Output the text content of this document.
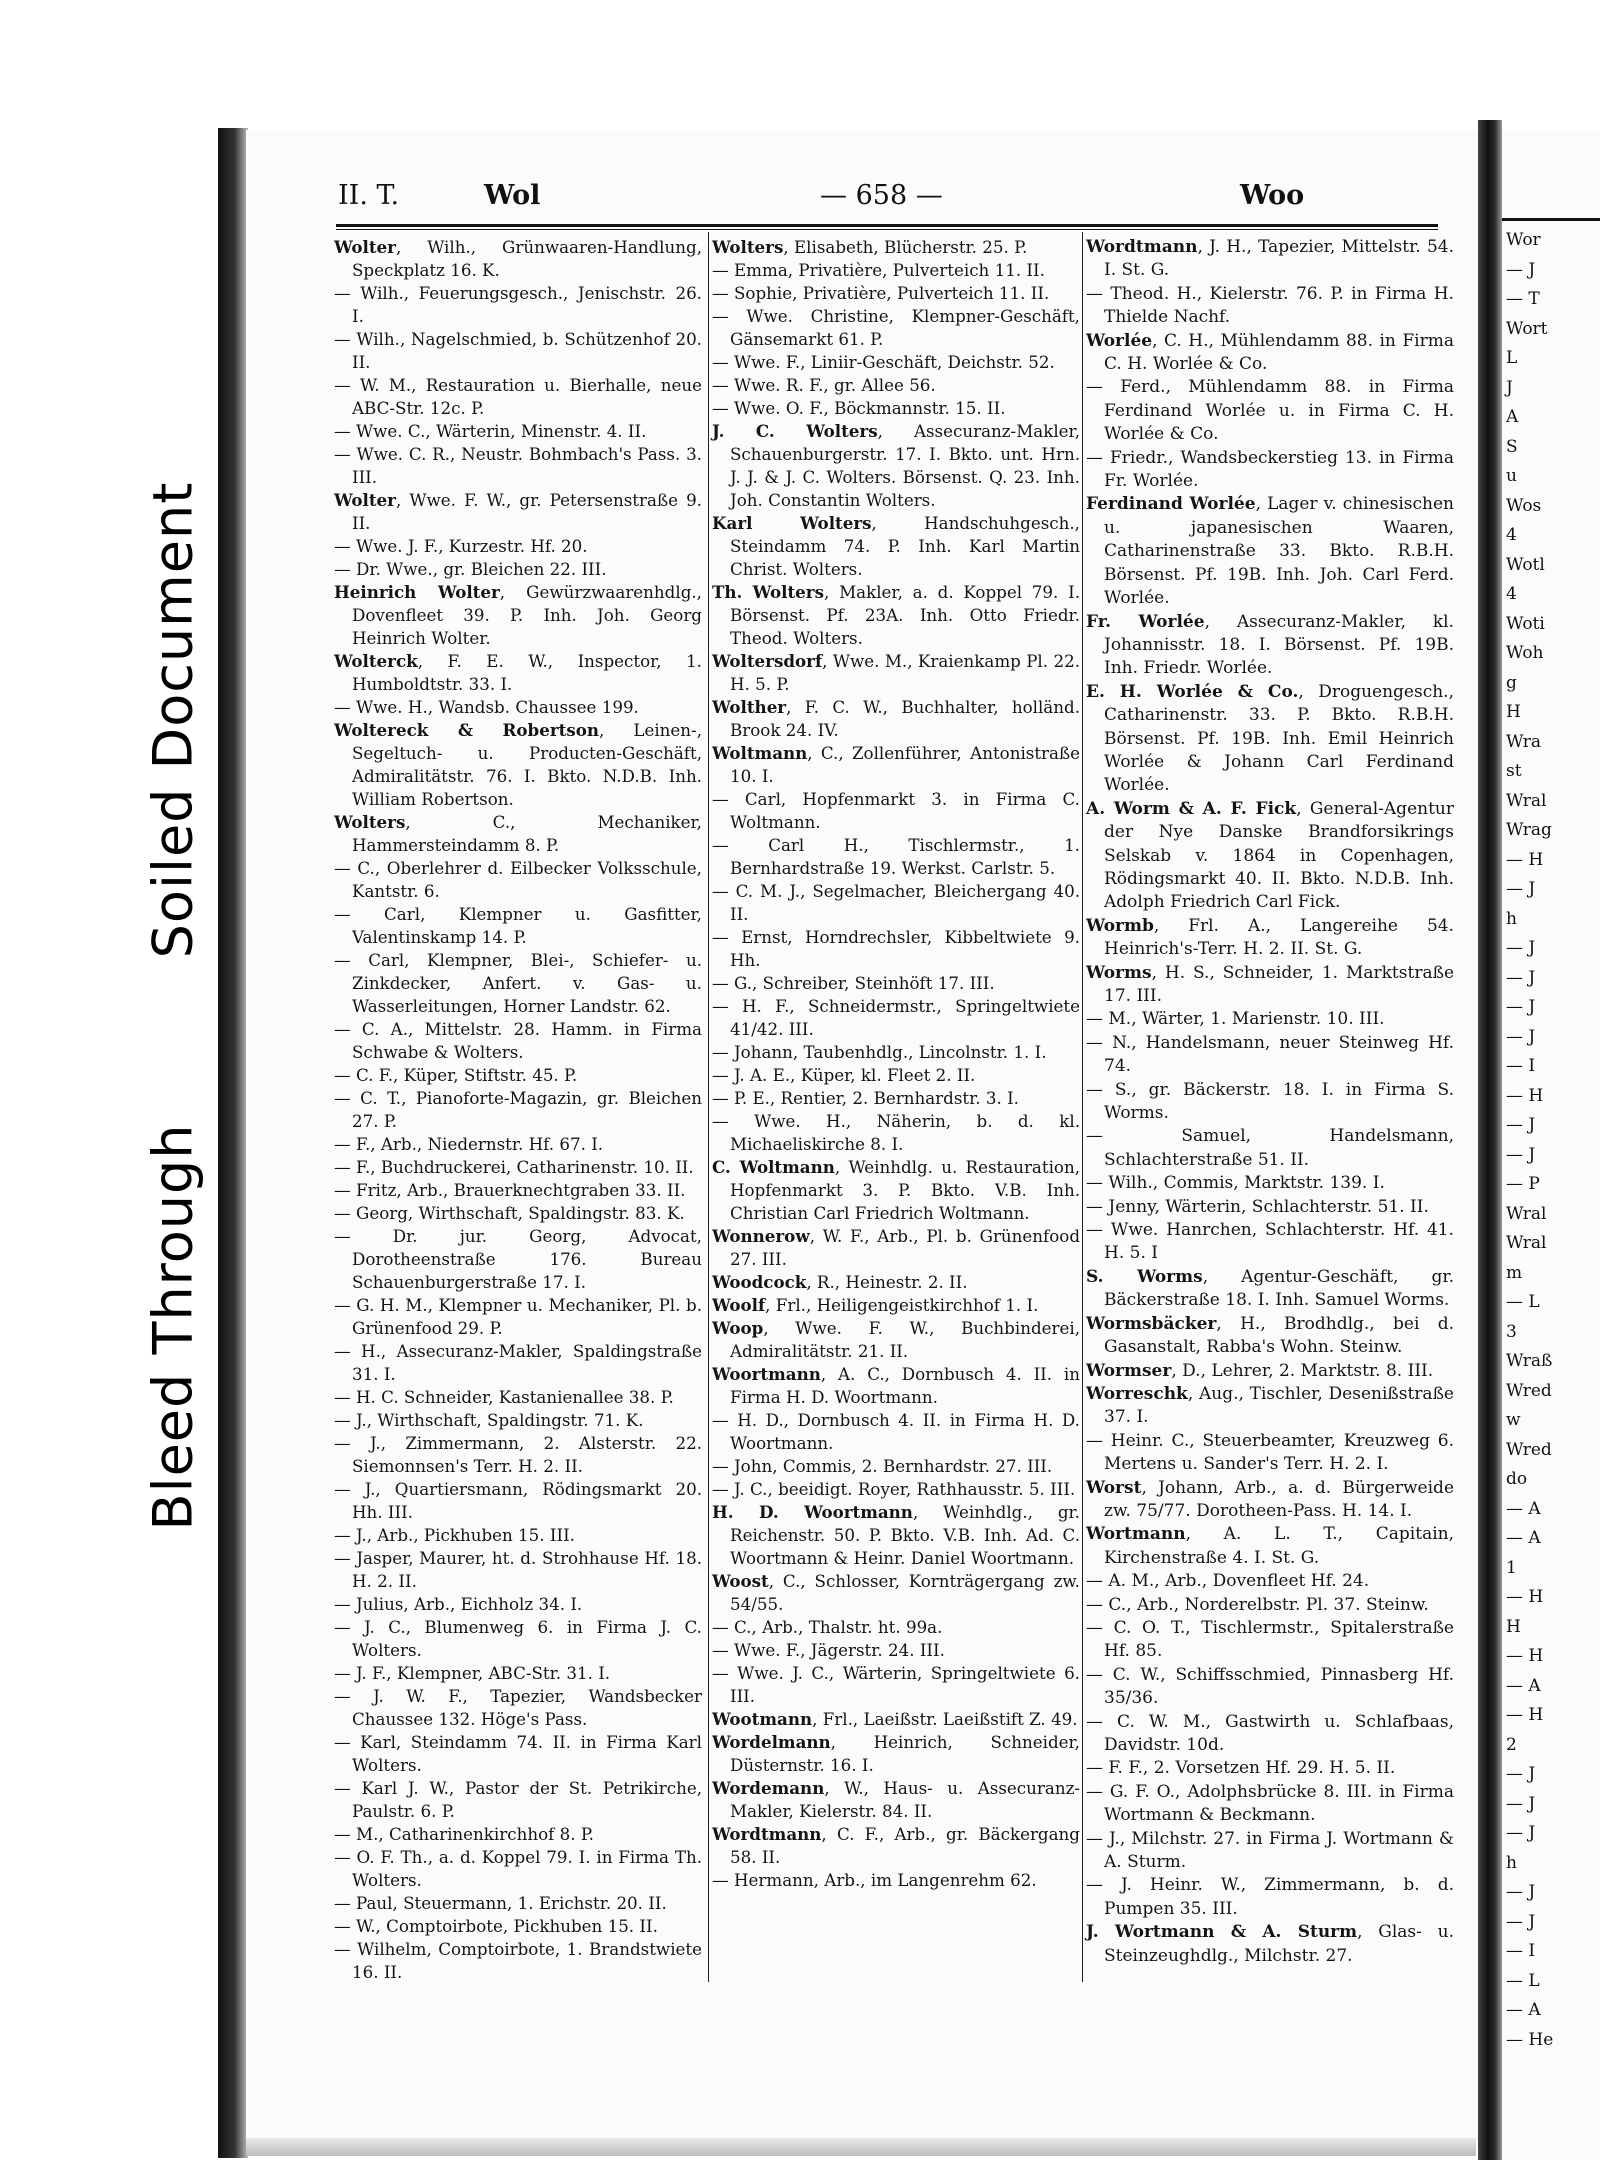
Wor
— J
— T
Wort
L
J
A
S
u
Wos
4
Wotl
4
Woti
Woh
g
H
Wra
st
Wral
Wrag
— H
— J
h
— J
— J
— J
— J
— I
— H
— J
— J
— P
Wral
Wral
m
— L
3
Wraß
Wred
w
Wred
do
— A
— A
1
— H
H
— H
— A
— H
2
— J
— J
— J
h
— J
— J
— I
— L
— A
— He
Soiled Document
Bleed Through
II. T.	Wol	— 658 —	Woo

Wolter, Wilh., Grünwaaren-Handlung, Speckplatz 16. K.

— Wilh., Feuerungsgesch., Jenischstr. 26. I.

— Wilh., Nagelschmied, b. Schützenhof 20. II.

— W. M., Restauration u. Bierhalle, neue ABC-Str. 12c. P.

— Wwe. C., Wärterin, Minenstr. 4. II.

— Wwe. C. R., Neustr. Bohmbach's Pass. 3. III.

Wolter, Wwe. F. W., gr. Petersenstraße 9. II.

— Wwe. J. F., Kurzestr. Hf. 20.

— Dr. Wwe., gr. Bleichen 22. III.

Heinrich Wolter, Gewürzwaarenhdlg., Dovenfleet 39. P. Inh. Joh. Georg Heinrich Wolter.

Wolterck, F. E. W., Inspector, 1. Humboldtstr. 33. I.

— Wwe. H., Wandsb. Chaussee 199.

Woltereck & Robertson, Leinen-, Segeltuch- u. Producten-Geschäft, Admiralitätstr. 76. I. Bkto. N.D.B. Inh. William Robertson.

Wolters, C., Mechaniker, Hammersteindamm 8. P.

— C., Oberlehrer d. Eilbecker Volksschule, Kantstr. 6.

— Carl, Klempner u. Gasfitter, Valentinskamp 14. P.

— Carl, Klempner, Blei-, Schiefer- u. Zinkdecker, Anfert. v. Gas- u. Wasserleitungen, Horner Landstr. 62.

— C. A., Mittelstr. 28. Hamm. in Firma Schwabe & Wolters.

— C. F., Küper, Stiftstr. 45. P.

— C. T., Pianoforte-Magazin, gr. Bleichen 27. P.

— F., Arb., Niedernstr. Hf. 67. I.

— F., Buchdruckerei, Catharinenstr. 10. II.

— Fritz, Arb., Brauerknechtgraben 33. II.

— Georg, Wirthschaft, Spaldingstr. 83. K.

— Dr. jur. Georg, Advocat, Dorotheenstraße 176. Bureau Schauenburgerstraße 17. I.

— G. H. M., Klempner u. Mechaniker, Pl. b. Grünenfood 29. P.

— H., Assecuranz-Makler, Spaldingstraße 31. I.

— H. C. Schneider, Kastanienallee 38. P.

— J., Wirthschaft, Spaldingstr. 71. K.

— J., Zimmermann, 2. Alsterstr. 22. Siemonnsen's Terr. H. 2. II.

— J., Quartiersmann, Rödingsmarkt 20. Hh. III.

— J., Arb., Pickhuben 15. III.

— Jasper, Maurer, ht. d. Strohhause Hf. 18. H. 2. II.

— Julius, Arb., Eichholz 34. I.

— J. C., Blumenweg 6. in Firma J. C. Wolters.

— J. F., Klempner, ABC-Str. 31. I.

— J. W. F., Tapezier, Wandsbecker Chaussee 132. Höge's Pass.

— Karl, Steindamm 74. II. in Firma Karl Wolters.

— Karl J. W., Pastor der St. Petrikirche, Paulstr. 6. P.

— M., Catharinenkirchhof 8. P.

— O. F. Th., a. d. Koppel 79. I. in Firma Th. Wolters.

— Paul, Steuermann, 1. Erichstr. 20. II.

— W., Comptoirbote, Pickhuben 15. II.

— Wilhelm, Comptoirbote, 1. Brandstwiete 16. II.

Wolters, Elisabeth, Blücherstr. 25. P.

— Emma, Privatière, Pulverteich 11. II.

— Sophie, Privatière, Pulverteich 11. II.

— Wwe. Christine, Klempner-Geschäft, Gänsemarkt 61. P.

— Wwe. F., Liniir-Geschäft, Deichstr. 52.

— Wwe. R. F., gr. Allee 56.

— Wwe. O. F., Böckmannstr. 15. II.

J. C. Wolters, Assecuranz-Makler, Schauenburgerstr. 17. I. Bkto. unt. Hrn. J. J. & J. C. Wolters. Börsenst. Q. 23. Inh. Joh. Constantin Wolters.

Karl Wolters, Handschuhgesch., Steindamm 74. P. Inh. Karl Martin Christ. Wolters.

Th. Wolters, Makler, a. d. Koppel 79. I. Börsenst. Pf. 23A. Inh. Otto Friedr. Theod. Wolters.

Woltersdorf, Wwe. M., Kraienkamp Pl. 22. H. 5. P.

Wolther, F. C. W., Buchhalter, holländ. Brook 24. IV.

Woltmann, C., Zollenführer, Antonistraße 10. I.

— Carl, Hopfenmarkt 3. in Firma C. Woltmann.

— Carl H., Tischlermstr., 1. Bernhardstraße 19. Werkst. Carlstr. 5.

— C. M. J., Segelmacher, Bleichergang 40. II.

— Ernst, Horndrechsler, Kibbeltwiete 9. Hh.

— G., Schreiber, Steinhöft 17. III.

— H. F., Schneidermstr., Springeltwiete 41/42. III.

— Johann, Taubenhdlg., Lincolnstr. 1. I.

— J. A. E., Küper, kl. Fleet 2. II.

— P. E., Rentier, 2. Bernhardstr. 3. I.

— Wwe. H., Näherin, b. d. kl. Michaeliskirche 8. I.

C. Woltmann, Weinhdlg. u. Restauration, Hopfenmarkt 3. P. Bkto. V.B. Inh. Christian Carl Friedrich Woltmann.

Wonnerow, W. F., Arb., Pl. b. Grünenfood 27. III.

Woodcock, R., Heinestr. 2. II.

Woolf, Frl., Heiligengeistkirchhof 1. I.

Woop, Wwe. F. W., Buchbinderei, Admiralitätstr. 21. II.

Woortmann, A. C., Dornbusch 4. II. in Firma H. D. Woortmann.

— H. D., Dornbusch 4. II. in Firma H. D. Woortmann.

— John, Commis, 2. Bernhardstr. 27. III.

— J. C., beeidigt. Royer, Rathhausstr. 5. III.

H. D. Woortmann, Weinhdlg., gr. Reichenstr. 50. P. Bkto. V.B. Inh. Ad. C. Woortmann & Heinr. Daniel Woortmann.

Woost, C., Schlosser, Kornträgergang zw. 54/55.

— C., Arb., Thalstr. ht. 99a.

— Wwe. F., Jägerstr. 24. III.

— Wwe. J. C., Wärterin, Springeltwiete 6. III.

Wootmann, Frl., Laeißstr. Laeißstift Z. 49.

Wordelmann, Heinrich, Schneider, Düsternstr. 16. I.

Wordemann, W., Haus- u. Assecuranz-Makler, Kielerstr. 84. II.

Wordtmann, C. F., Arb., gr. Bäckergang 58. II.

— Hermann, Arb., im Langenrehm 62.

Wordtmann, J. H., Tapezier, Mittelstr. 54. I. St. G.

— Theod. H., Kielerstr. 76. P. in Firma H. Thielde Nachf.

Worlée, C. H., Mühlendamm 88. in Firma C. H. Worlée & Co.

— Ferd., Mühlendamm 88. in Firma Ferdinand Worlée u. in Firma C. H. Worlée & Co.

— Friedr., Wandsbeckerstieg 13. in Firma Fr. Worlée.

Ferdinand Worlée, Lager v. chinesischen u. japanesischen Waaren, Catharinenstraße 33. Bkto. R.B.H. Börsenst. Pf. 19B. Inh. Joh. Carl Ferd. Worlée.

Fr. Worlée, Assecuranz-Makler, kl. Johannisstr. 18. I. Börsenst. Pf. 19B. Inh. Friedr. Worlée.

E. H. Worlée & Co., Droguengesch., Catharinenstr. 33. P. Bkto. R.B.H. Börsenst. Pf. 19B. Inh. Emil Heinrich Worlée & Johann Carl Ferdinand Worlée.

A. Worm & A. F. Fick, General-Agentur der Nye Danske Brandforsikrings Selskab v. 1864 in Copenhagen, Rödingsmarkt 40. II. Bkto. N.D.B. Inh. Adolph Friedrich Carl Fick.

Wormb, Frl. A., Langereihe 54. Heinrich's-Terr. H. 2. II. St. G.

Worms, H. S., Schneider, 1. Marktstraße 17. III.

— M., Wärter, 1. Marienstr. 10. III.

— N., Handelsmann, neuer Steinweg Hf. 74.

— S., gr. Bäckerstr. 18. I. in Firma S. Worms.

— Samuel, Handelsmann, Schlachterstraße 51. II.

— Wilh., Commis, Marktstr. 139. I.

— Jenny, Wärterin, Schlachterstr. 51. II.

— Wwe. Hanrchen, Schlachterstr. Hf. 41. H. 5. I

S. Worms, Agentur-Geschäft, gr. Bäckerstraße 18. I. Inh. Samuel Worms.

Wormsbäcker, H., Brodhdlg., bei d. Gasanstalt, Rabba's Wohn. Steinw.

Wormser, D., Lehrer, 2. Marktstr. 8. III.

Worreschk, Aug., Tischler, Desenißstraße 37. I.

— Heinr. C., Steuerbeamter, Kreuzweg 6. Mertens u. Sander's Terr. H. 2. I.

Worst, Johann, Arb., a. d. Bürgerweide zw. 75/77. Dorotheen-Pass. H. 14. I.

Wortmann, A. L. T., Capitain, Kirchenstraße 4. I. St. G.

— A. M., Arb., Dovenfleet Hf. 24.

— C., Arb., Norderelbstr. Pl. 37. Steinw.

— C. O. T., Tischlermstr., Spitalerstraße Hf. 85.

— C. W., Schiffsschmied, Pinnasberg Hf. 35/36.

— C. W. M., Gastwirth u. Schlafbaas, Davidstr. 10d.

— F. F., 2. Vorsetzen Hf. 29. H. 5. II.

— G. F. O., Adolphsbrücke 8. III. in Firma Wortmann & Beckmann.

— J., Milchstr. 27. in Firma J. Wortmann & A. Sturm.

— J. Heinr. W., Zimmermann, b. d. Pumpen 35. III.

J. Wortmann & A. Sturm, Glas- u. Steinzeughdlg., Milchstr. 27.
